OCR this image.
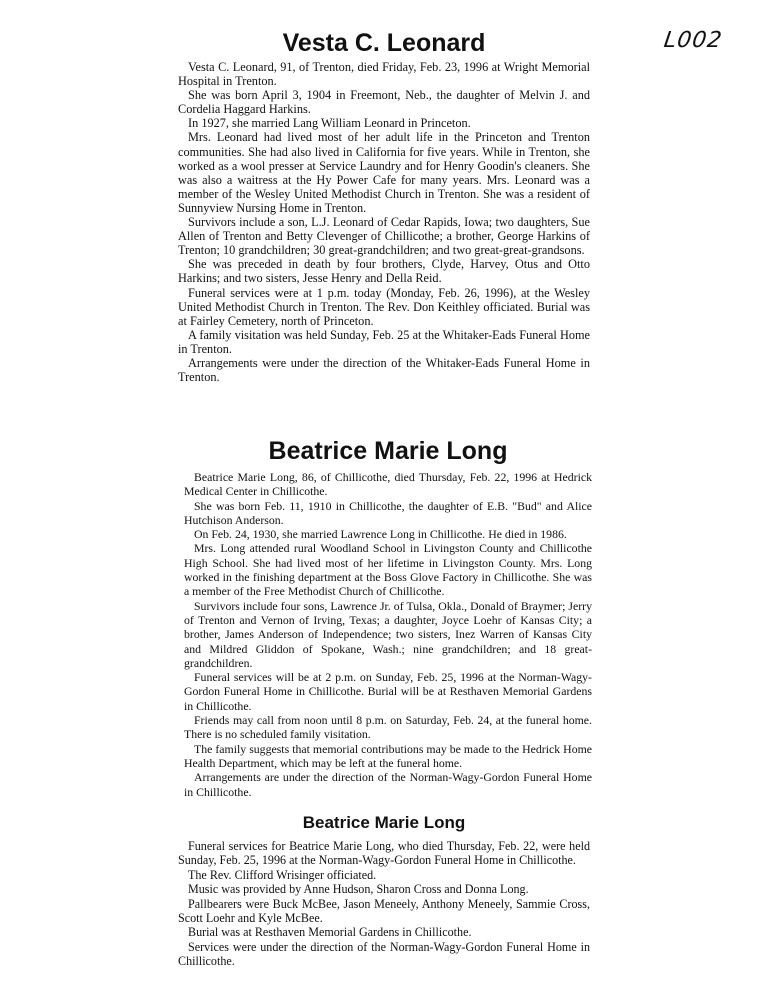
L002
Vesta C. Leonard

Vesta C. Leonard, 91, of Trenton, died Friday, Feb. 23, 1996 at Wright Memorial Hospital in Trenton.

She was born April 3, 1904 in Freemont, Neb., the daughter of Melvin J. and Cordelia Haggard Harkins.

In 1927, she married Lang William Leonard in Princeton.

Mrs. Leonard had lived most of her adult life in the Princeton and Trenton communities. She had also lived in California for five years. While in Trenton, she worked as a wool presser at Service Laundry and for Henry Goodin's cleaners. She was also a waitress at the Hy Power Cafe for many years. Mrs. Leonard was a member of the Wesley United Methodist Church in Trenton. She was a resident of Sunnyview Nursing Home in Trenton.

Survivors include a son, L.J. Leonard of Cedar Rapids, Iowa; two daughters, Sue Allen of Trenton and Betty Clevenger of Chillicothe; a brother, George Harkins of Trenton; 10 grandchildren; 30 great-grandchildren; and two great-great-grandsons.

She was preceded in death by four brothers, Clyde, Harvey, Otus and Otto Harkins; and two sisters, Jesse Henry and Della Reid.

Funeral services were at 1 p.m. today (Monday, Feb. 26, 1996), at the Wesley United Methodist Church in Trenton. The Rev. Don Keithley officiated. Burial was at Fairley Cemetery, north of Princeton.

A family visitation was held Sunday, Feb. 25 at the Whitaker-Eads Funeral Home in Trenton.

Arrangements were under the direction of the Whitaker-Eads Funeral Home in Trenton.

Beatrice Marie Long

Beatrice Marie Long, 86, of Chillicothe, died Thursday, Feb. 22, 1996 at Hedrick Medical Center in Chillicothe.

She was born Feb. 11, 1910 in Chillicothe, the daughter of E.B. "Bud" and Alice Hutchison Anderson.

On Feb. 24, 1930, she married Lawrence Long in Chillicothe. He died in 1986.

Mrs. Long attended rural Woodland School in Livingston County and Chillicothe High School. She had lived most of her lifetime in Livingston County. Mrs. Long worked in the finishing department at the Boss Glove Factory in Chillicothe. She was a member of the Free Methodist Church of Chillicothe.

Survivors include four sons, Lawrence Jr. of Tulsa, Okla., Donald of Braymer; Jerry of Trenton and Vernon of Irving, Texas; a daughter, Joyce Loehr of Kansas City; a brother, James Anderson of Independence; two sisters, Inez Warren of Kansas City and Mildred Gliddon of Spokane, Wash.; nine grandchildren; and 18 great-grandchildren.

Funeral services will be at 2 p.m. on Sunday, Feb. 25, 1996 at the Norman-Wagy-Gordon Funeral Home in Chillicothe. Burial will be at Resthaven Memorial Gardens in Chillicothe.

Friends may call from noon until 8 p.m. on Saturday, Feb. 24, at the funeral home. There is no scheduled family visitation.

The family suggests that memorial contributions may be made to the Hedrick Home Health Department, which may be left at the funeral home.

Arrangements are under the direction of the Norman-Wagy-Gordon Funeral Home in Chillicothe.

Beatrice Marie Long

Funeral services for Beatrice Marie Long, who died Thursday, Feb. 22, were held Sunday, Feb. 25, 1996 at the Norman-Wagy-Gordon Funeral Home in Chillicothe.

The Rev. Clifford Wrisinger officiated.

Music was provided by Anne Hudson, Sharon Cross and Donna Long.

Pallbearers were Buck McBee, Jason Meneely, Anthony Meneely, Sammie Cross, Scott Loehr and Kyle McBee.

Burial was at Resthaven Memorial Gardens in Chillicothe.

Services were under the direction of the Norman-Wagy-Gordon Funeral Home in Chillicothe.
